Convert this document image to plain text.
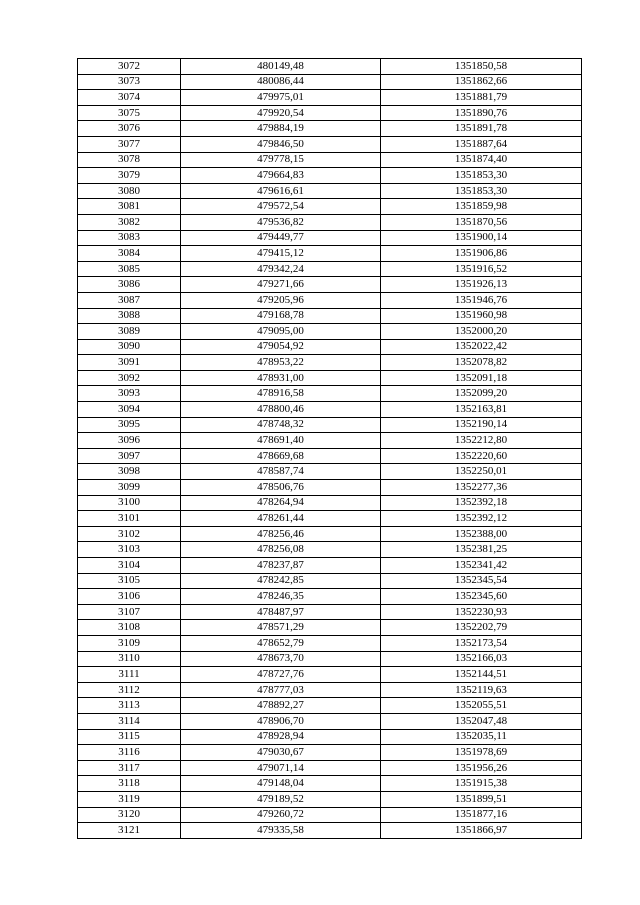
3072	480149,48	1351850,58
3073	480086,44	1351862,66
3074	479975,01	1351881,79
3075	479920,54	1351890,76
3076	479884,19	1351891,78
3077	479846,50	1351887,64
3078	479778,15	1351874,40
3079	479664,83	1351853,30
3080	479616,61	1351853,30
3081	479572,54	1351859,98
3082	479536,82	1351870,56
3083	479449,77	1351900,14
3084	479415,12	1351906,86
3085	479342,24	1351916,52
3086	479271,66	1351926,13
3087	479205,96	1351946,76
3088	479168,78	1351960,98
3089	479095,00	1352000,20
3090	479054,92	1352022,42
3091	478953,22	1352078,82
3092	478931,00	1352091,18
3093	478916,58	1352099,20
3094	478800,46	1352163,81
3095	478748,32	1352190,14
3096	478691,40	1352212,80
3097	478669,68	1352220,60
3098	478587,74	1352250,01
3099	478506,76	1352277,36
3100	478264,94	1352392,18
3101	478261,44	1352392,12
3102	478256,46	1352388,00
3103	478256,08	1352381,25
3104	478237,87	1352341,42
3105	478242,85	1352345,54
3106	478246,35	1352345,60
3107	478487,97	1352230,93
3108	478571,29	1352202,79
3109	478652,79	1352173,54
3110	478673,70	1352166,03
3111	478727,76	1352144,51
3112	478777,03	1352119,63
3113	478892,27	1352055,51
3114	478906,70	1352047,48
3115	478928,94	1352035,11
3116	479030,67	1351978,69
3117	479071,14	1351956,26
3118	479148,04	1351915,38
3119	479189,52	1351899,51
3120	479260,72	1351877,16
3121	479335,58	1351866,97
